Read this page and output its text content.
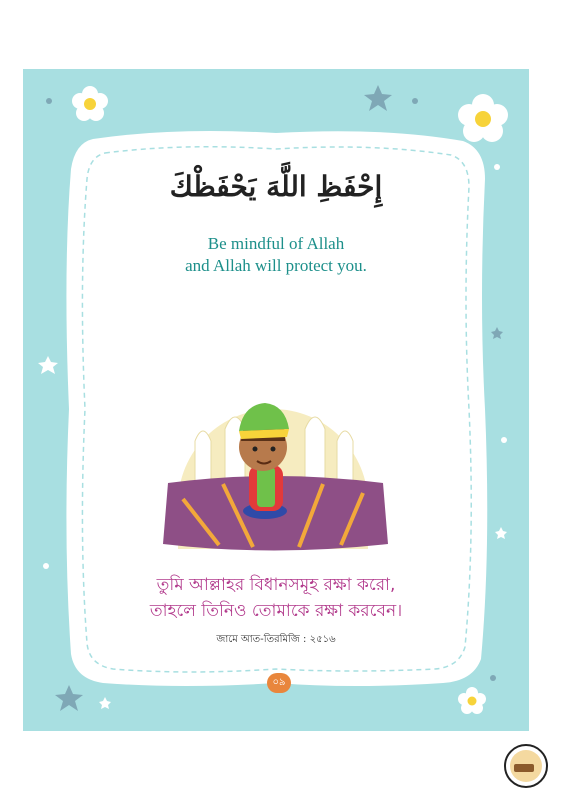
إِحْفَظِ اللَّهَ يَحْفَظْكَ
Be mindful of Allah
and Allah will protect you.
তুমি আল্লাহর বিধানসমূহ রক্ষা করো,
তাহলে তিনিও তোমাকে রক্ষা করবেন।
জামে আত-তিরমিজি : ২৫১৬
০৯
